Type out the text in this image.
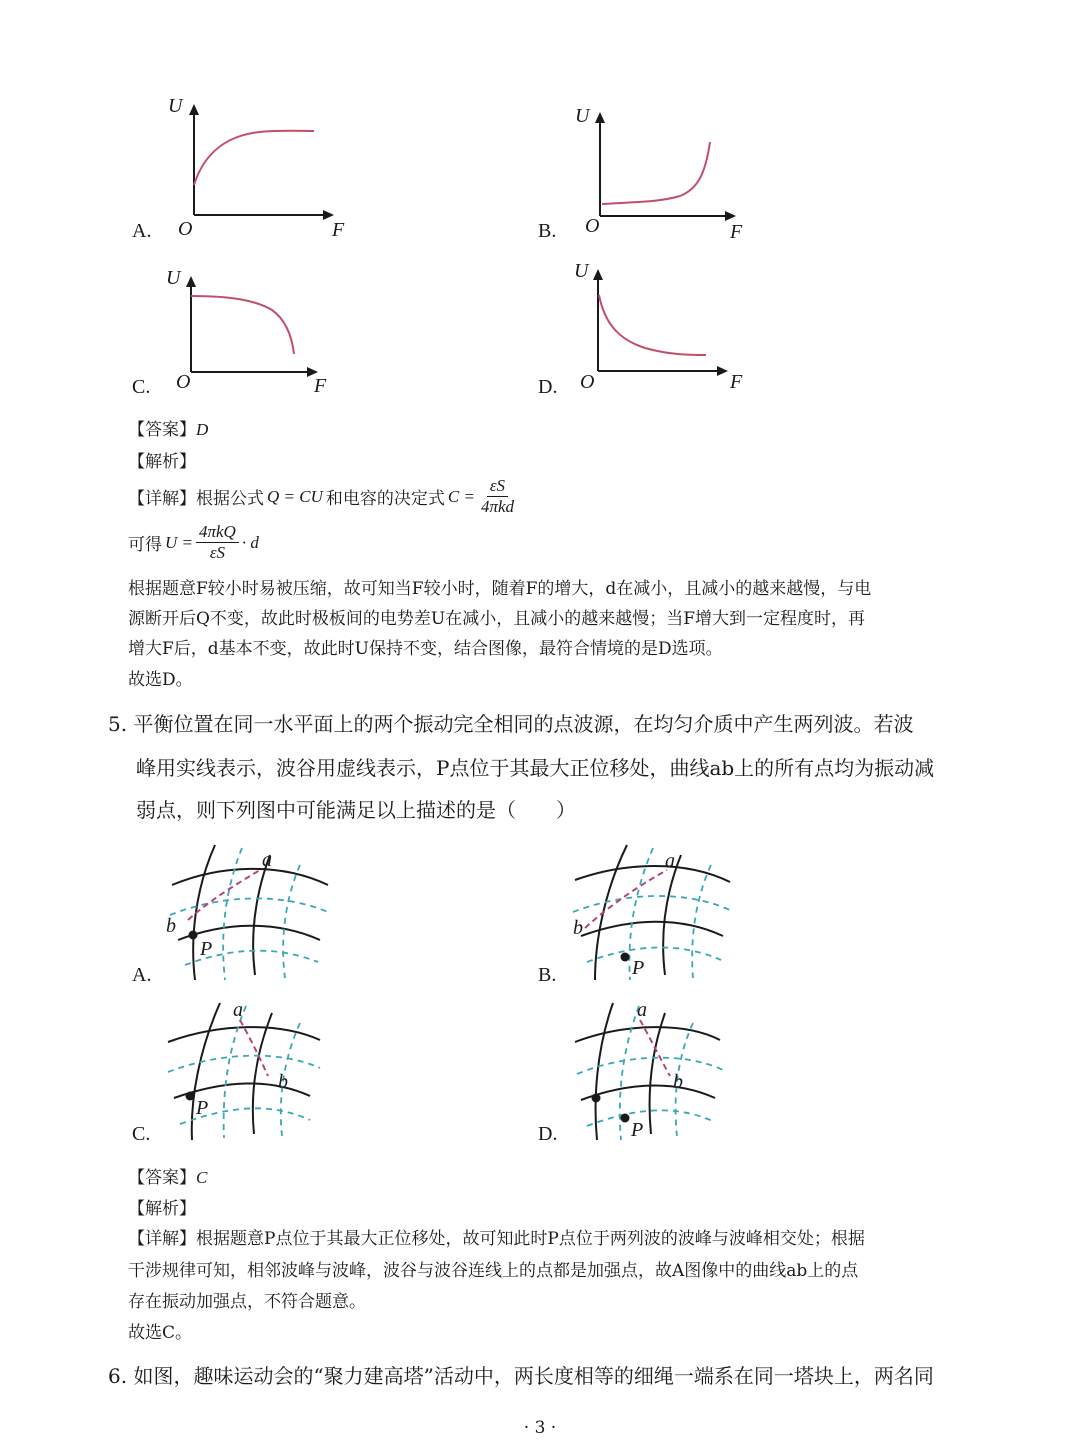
U
O	F
A.
U
O	F
B.
U
O	F
C.
U
O	F
D.
【答案】D
【解析】
【详解】根据公式 Q = CU 和电容的决定式 $C = \frac{\varepsilon S}{\text{4πkd}}$
可得 $U = \frac{\text{4πkQ}}{\varepsilon S} \cdot d$
根据题意F较小时易被压缩，故可知当F较小时，随着F的增大，d在减小，且减小的越来越慢，与电
源断开后Q不变，故此时极板间的电势差U在减小，且减小的越来越慢；当F增大到一定程度时，再
增大F后，d基本不变，故此时U保持不变，结合图像，最符合情境的是D选项。
故选D。
5. 平衡位置在同一水平面上的两个振动完全相同的点波源，在均匀介质中产生两列波。若波
峰用实线表示，波谷用虚线表示，P点位于其最大正位移处，曲线ab上的所有点均为振动减
弱点，则下列图中可能满足以上描述的是（　　）
a
b
P
A.
a
b
P
B.
a
b
P
C.
a
b
P
D.
【答案】C
【解析】
【详解】根据题意P点位于其最大正位移处，故可知此时P点位于两列波的波峰与波峰相交处；根据
干涉规律可知，相邻波峰与波峰，波谷与波谷连线上的点都是加强点，故A图像中的曲线ab上的点
存在振动加强点，不符合题意。
故选C。
6. 如图，趣味运动会的“聚力建高塔”活动中，两长度相等的细绳一端系在同一塔块上，两名同
· 3 ·
